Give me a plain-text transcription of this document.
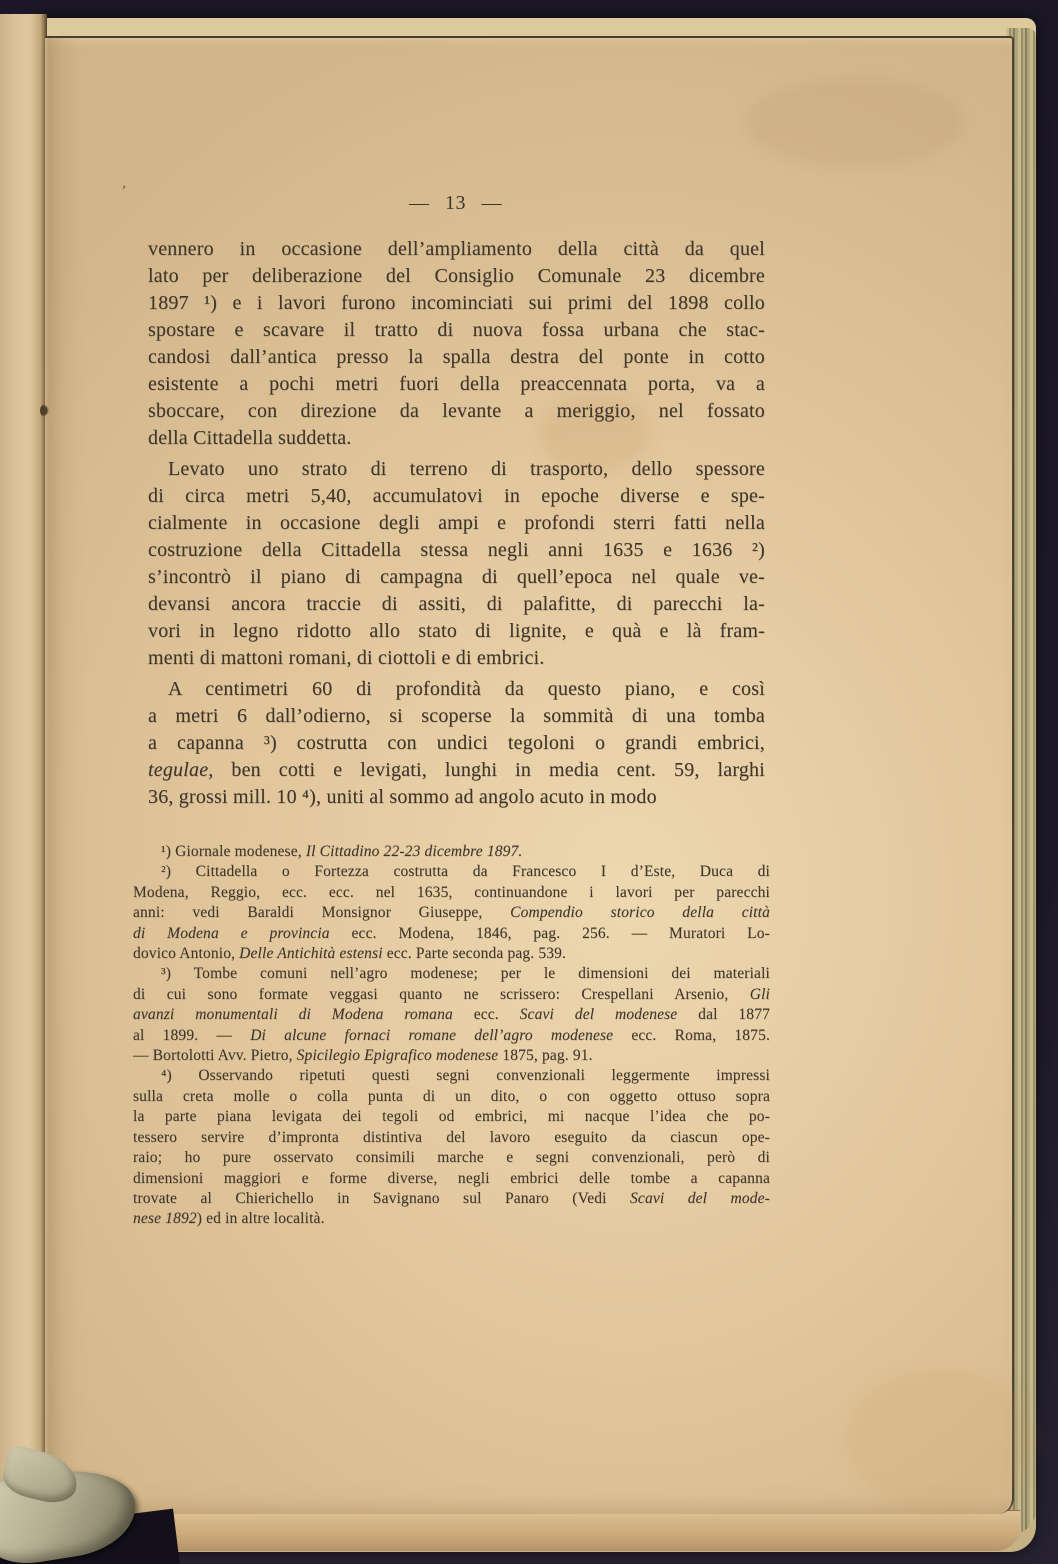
’
— 13 —
vennero in occasione dell’ampliamento della città da quel
lato per deliberazione del Consiglio Comunale 23 dicembre
1897 ¹) e i lavori furono incominciati sui primi del 1898 collo
spostare e scavare il tratto di nuova fossa urbana che stac-
candosi dall’antica presso la spalla destra del ponte in cotto
esistente a pochi metri fuori della preaccennata porta, va a
sboccare, con direzione da levante a meriggio, nel fossato
della Cittadella suddetta.
Levato uno strato di terreno di trasporto, dello spessore
di circa metri 5,40, accumulatovi in epoche diverse e spe-
cialmente in occasione degli ampi e profondi sterri fatti nella
costruzione della Cittadella stessa negli anni 1635 e 1636 ²)
s’incontrò il piano di campagna di quell’epoca nel quale ve-
devansi ancora traccie di assiti, di palafitte, di parecchi la-
vori in legno ridotto allo stato di lignite, e quà e là fram-
menti di mattoni romani, di ciottoli e di embrici.
A centimetri 60 di profondità da questo piano, e così
a metri 6 dall’odierno, si scoperse la sommità di una tomba
a capanna ³) costrutta con undici tegoloni o grandi embrici,
tegulae, ben cotti e levigati, lunghi in media cent. 59, larghi
36, grossi mill. 10 ⁴), uniti al sommo ad angolo acuto in modo
¹) Giornale modenese, Il Cittadino 22-23 dicembre 1897.
²) Cittadella o Fortezza costrutta da Francesco I d’Este, Duca di
Modena, Reggio, ecc. ecc. nel 1635, continuandone i lavori per parecchi
anni: vedi Baraldi Monsignor Giuseppe, Compendio storico della città
di Modena e provincia ecc. Modena, 1846, pag. 256. — Muratori Lo-
dovico Antonio, Delle Antichità estensi ecc. Parte seconda pag. 539.
³) Tombe comuni nell’agro modenese; per le dimensioni dei materiali
di cui sono formate veggasi quanto ne scrissero: Crespellani Arsenio, Gli
avanzi monumentali di Modena romana ecc. Scavi del modenese dal 1877
al 1899. — Di alcune fornaci romane dell’agro modenese ecc. Roma, 1875.
— Bortolotti Avv. Pietro, Spicilegio Epigrafico modenese 1875, pag. 91.
⁴) Osservando ripetuti questi segni convenzionali leggermente impressi
sulla creta molle o colla punta di un dito, o con oggetto ottuso sopra
la parte piana levigata dei tegoli od embrici, mi nacque l’idea che po-
tessero servire d’impronta distintiva del lavoro eseguito da ciascun ope-
raio; ho pure osservato consimili marche e segni convenzionali, però di
dimensioni maggiori e forme diverse, negli embrici delle tombe a capanna
trovate al Chierichello in Savignano sul Panaro (Vedi Scavi del mode-
nese 1892) ed in altre località.
